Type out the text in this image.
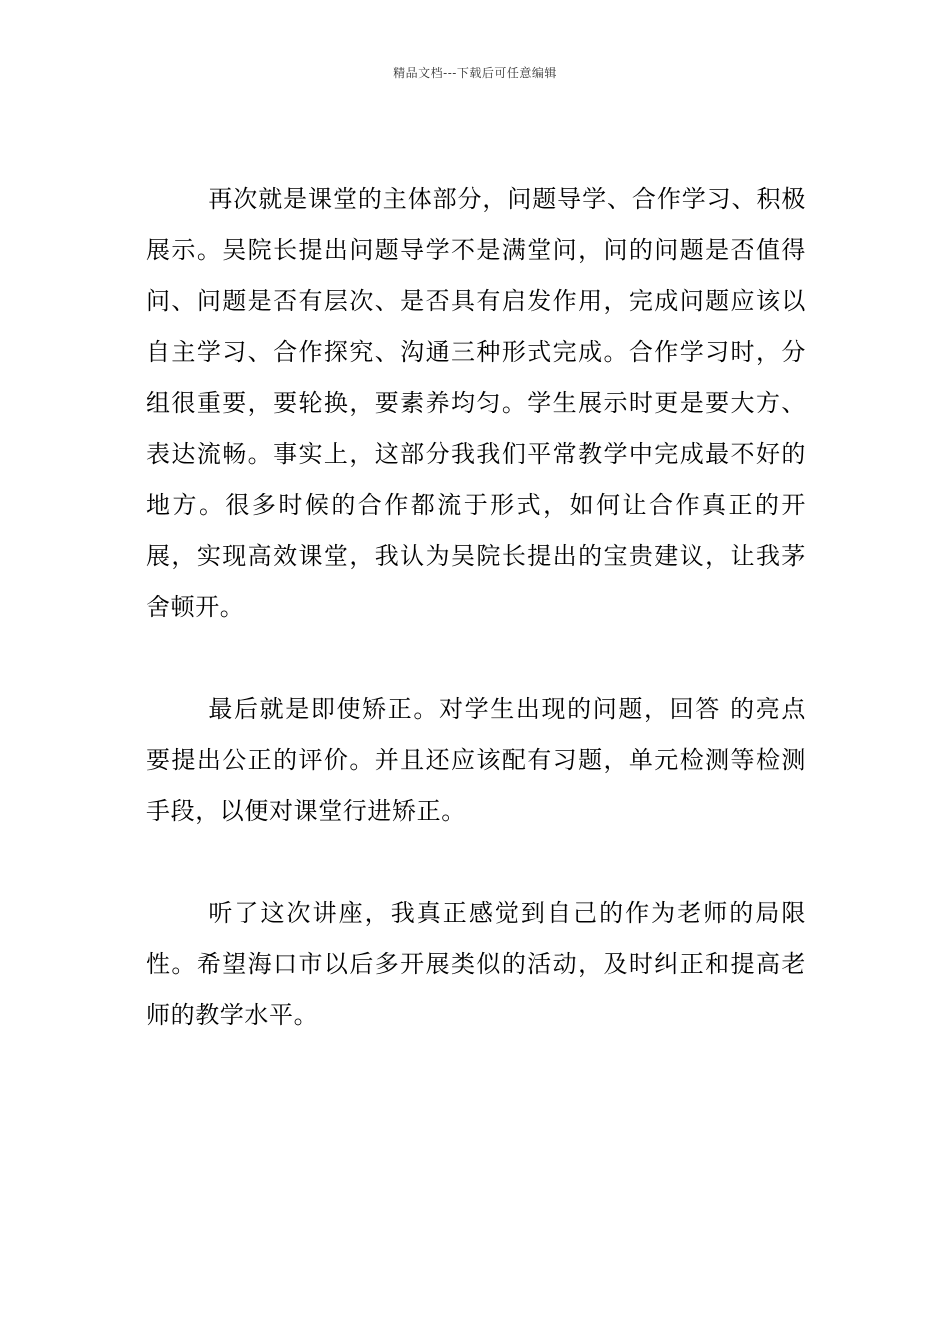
精品文档---下载后可任意编辑

再次就是课堂的主体部分，问题导学、合作学习、积极展示。吴院长提出问题导学不是满堂问，问的问题是否值得问、问题是否有层次、是否具有启发作用，完成问题应该以自主学习、合作探究、沟通三种形式完成。合作学习时，分组很重要，要轮换，要素养均匀。学生展示时更是要大方、表达流畅。事实上，这部分我我们平常教学中完成最不好的地方。很多时候的合作都流于形式，如何让合作真正的开展，实现高效课堂，我认为吴院长提出的宝贵建议，让我茅舍顿开。

最后就是即使矫正。对学生出现的问题，回答 的亮点要提出公正的评价。并且还应该配有习题，单元检测等检测手段，以便对课堂行进矫正。

听了这次讲座，我真正感觉到自己的作为老师的局限性。希望海口市以后多开展类似的活动，及时纠正和提高老师的教学水平。
